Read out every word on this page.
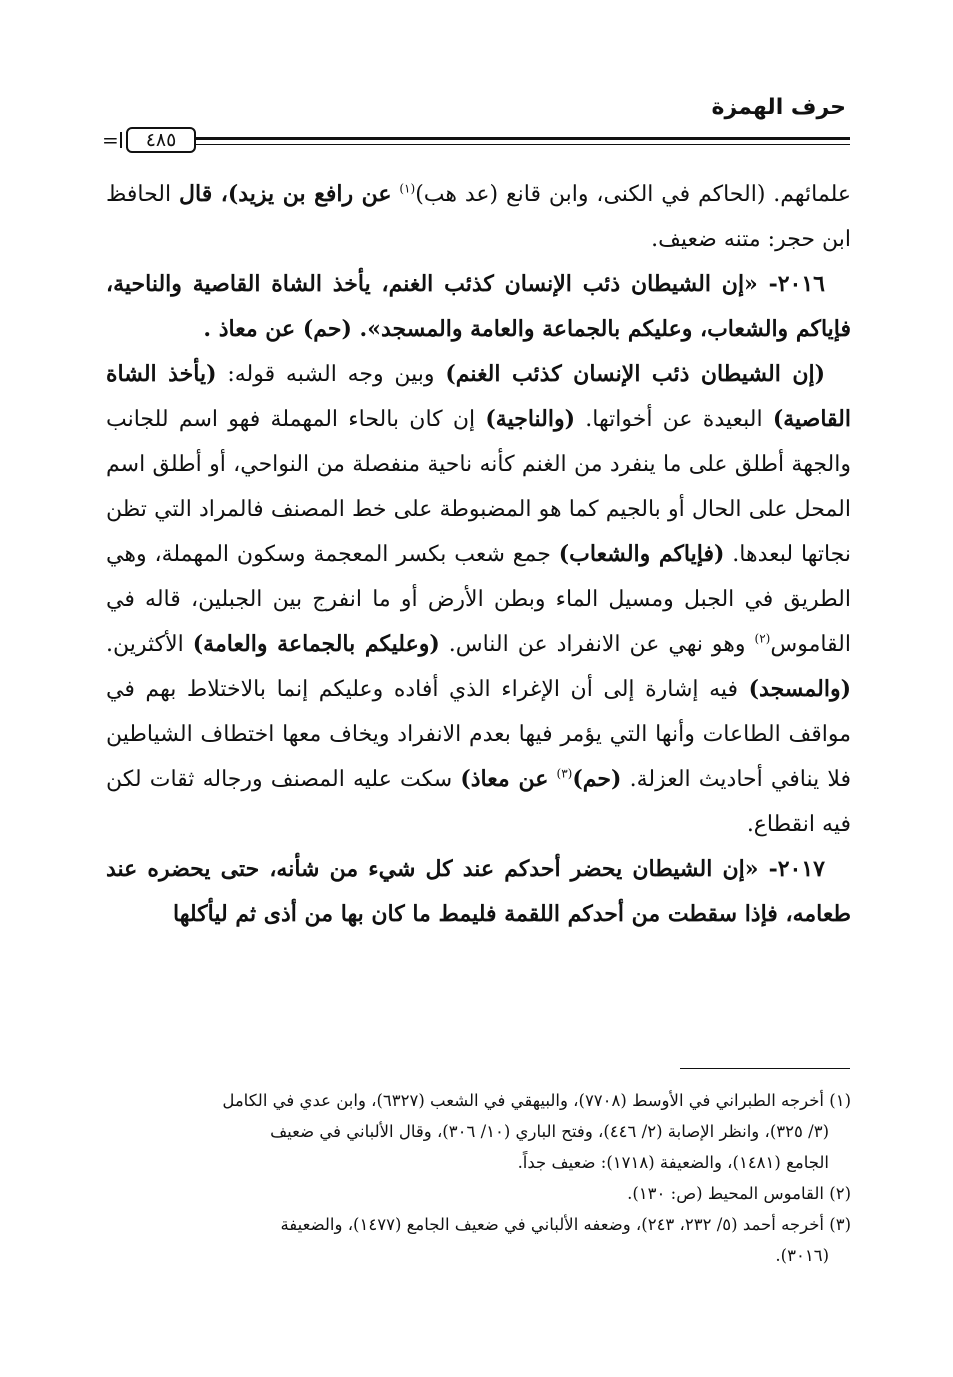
حرف الهمزة
٤٨٥
=

علمائهم. (الحاكم في الكنى، وابن قانع (عد هب)$^{(١)}$ عن رافع بن يزيد)، قال الحافظ ابن حجر: متنه ضعيف.

٢٠١٦- «إن الشيطان ذئب الإنسان كذئب الغنم، يأخذ الشاة القاصية والناحية، فإياكم والشعاب، وعليكم بالجماعة والعامة والمسجد». (حم) عن معاذ .

(إن الشيطان ذئب الإنسان كذئب الغنم) وبين وجه الشبه قوله: (يأخذ الشاة القاصية) البعيدة عن أخواتها. (والناجية) إن كان بالحاء المهملة فهو اسم للجانب والجهة أطلق على ما ينفرد من الغنم كأنه ناحية منفصلة من النواحي، أو أطلق اسم المحل على الحال أو بالجيم كما هو المضبوطة على خط المصنف فالمراد التي تظن نجاتها لبعدها. (فإياكم والشعاب) جمع شعب بكسر المعجمة وسكون المهملة، وهي الطريق في الجبل ومسيل الماء وبطن الأرض أو ما انفرج بين الجبلين، قاله في القاموس$^{(٢)}$ وهو نهي عن الانفراد عن الناس. (وعليكم بالجماعة والعامة) الأكثرين. (والمسجد) فيه إشارة إلى أن الإغراء الذي أفاده وعليكم إنما بالاختلاط بهم في مواقف الطاعات وأنها التي يؤمر فيها بعدم الانفراد ويخاف معها اختطاف الشياطين فلا ينافي أحاديث العزلة. (حم)$^{(٣)}$ عن معاذ) سكت عليه المصنف ورجاله ثقات لكن فيه انقطاع.

٢٠١٧- «إن الشيطان يحضر أحدكم عند كل شيء من شأنه، حتى يحضره عند طعامه، فإذا سقطت من أحدكم اللقمة فليمط ما كان بها من أذى ثم ليأكلها

(١) أخرجه الطبراني في الأوسط (٧٧٠٨)، والبيهقي في الشعب (٦٣٢٧)، وابن عدي في الكامل

(٣/ ٣٢٥)، وانظر الإصابة (٢/ ٤٤٦)، وفتح الباري (١٠/ ٣٠٦)، وقال الألباني في ضعيف

الجامع (١٤٨١)، والضعيفة (١٧١٨): ضعيف جداً.

(٢) القاموس المحيط (ص: ١٣٠).

(٣) أخرجه أحمد (٥/ ٢٣٢، ٢٤٣)، وضعفه الألباني في ضعيف الجامع (١٤٧٧)، والضعيفة

(٣٠١٦).
